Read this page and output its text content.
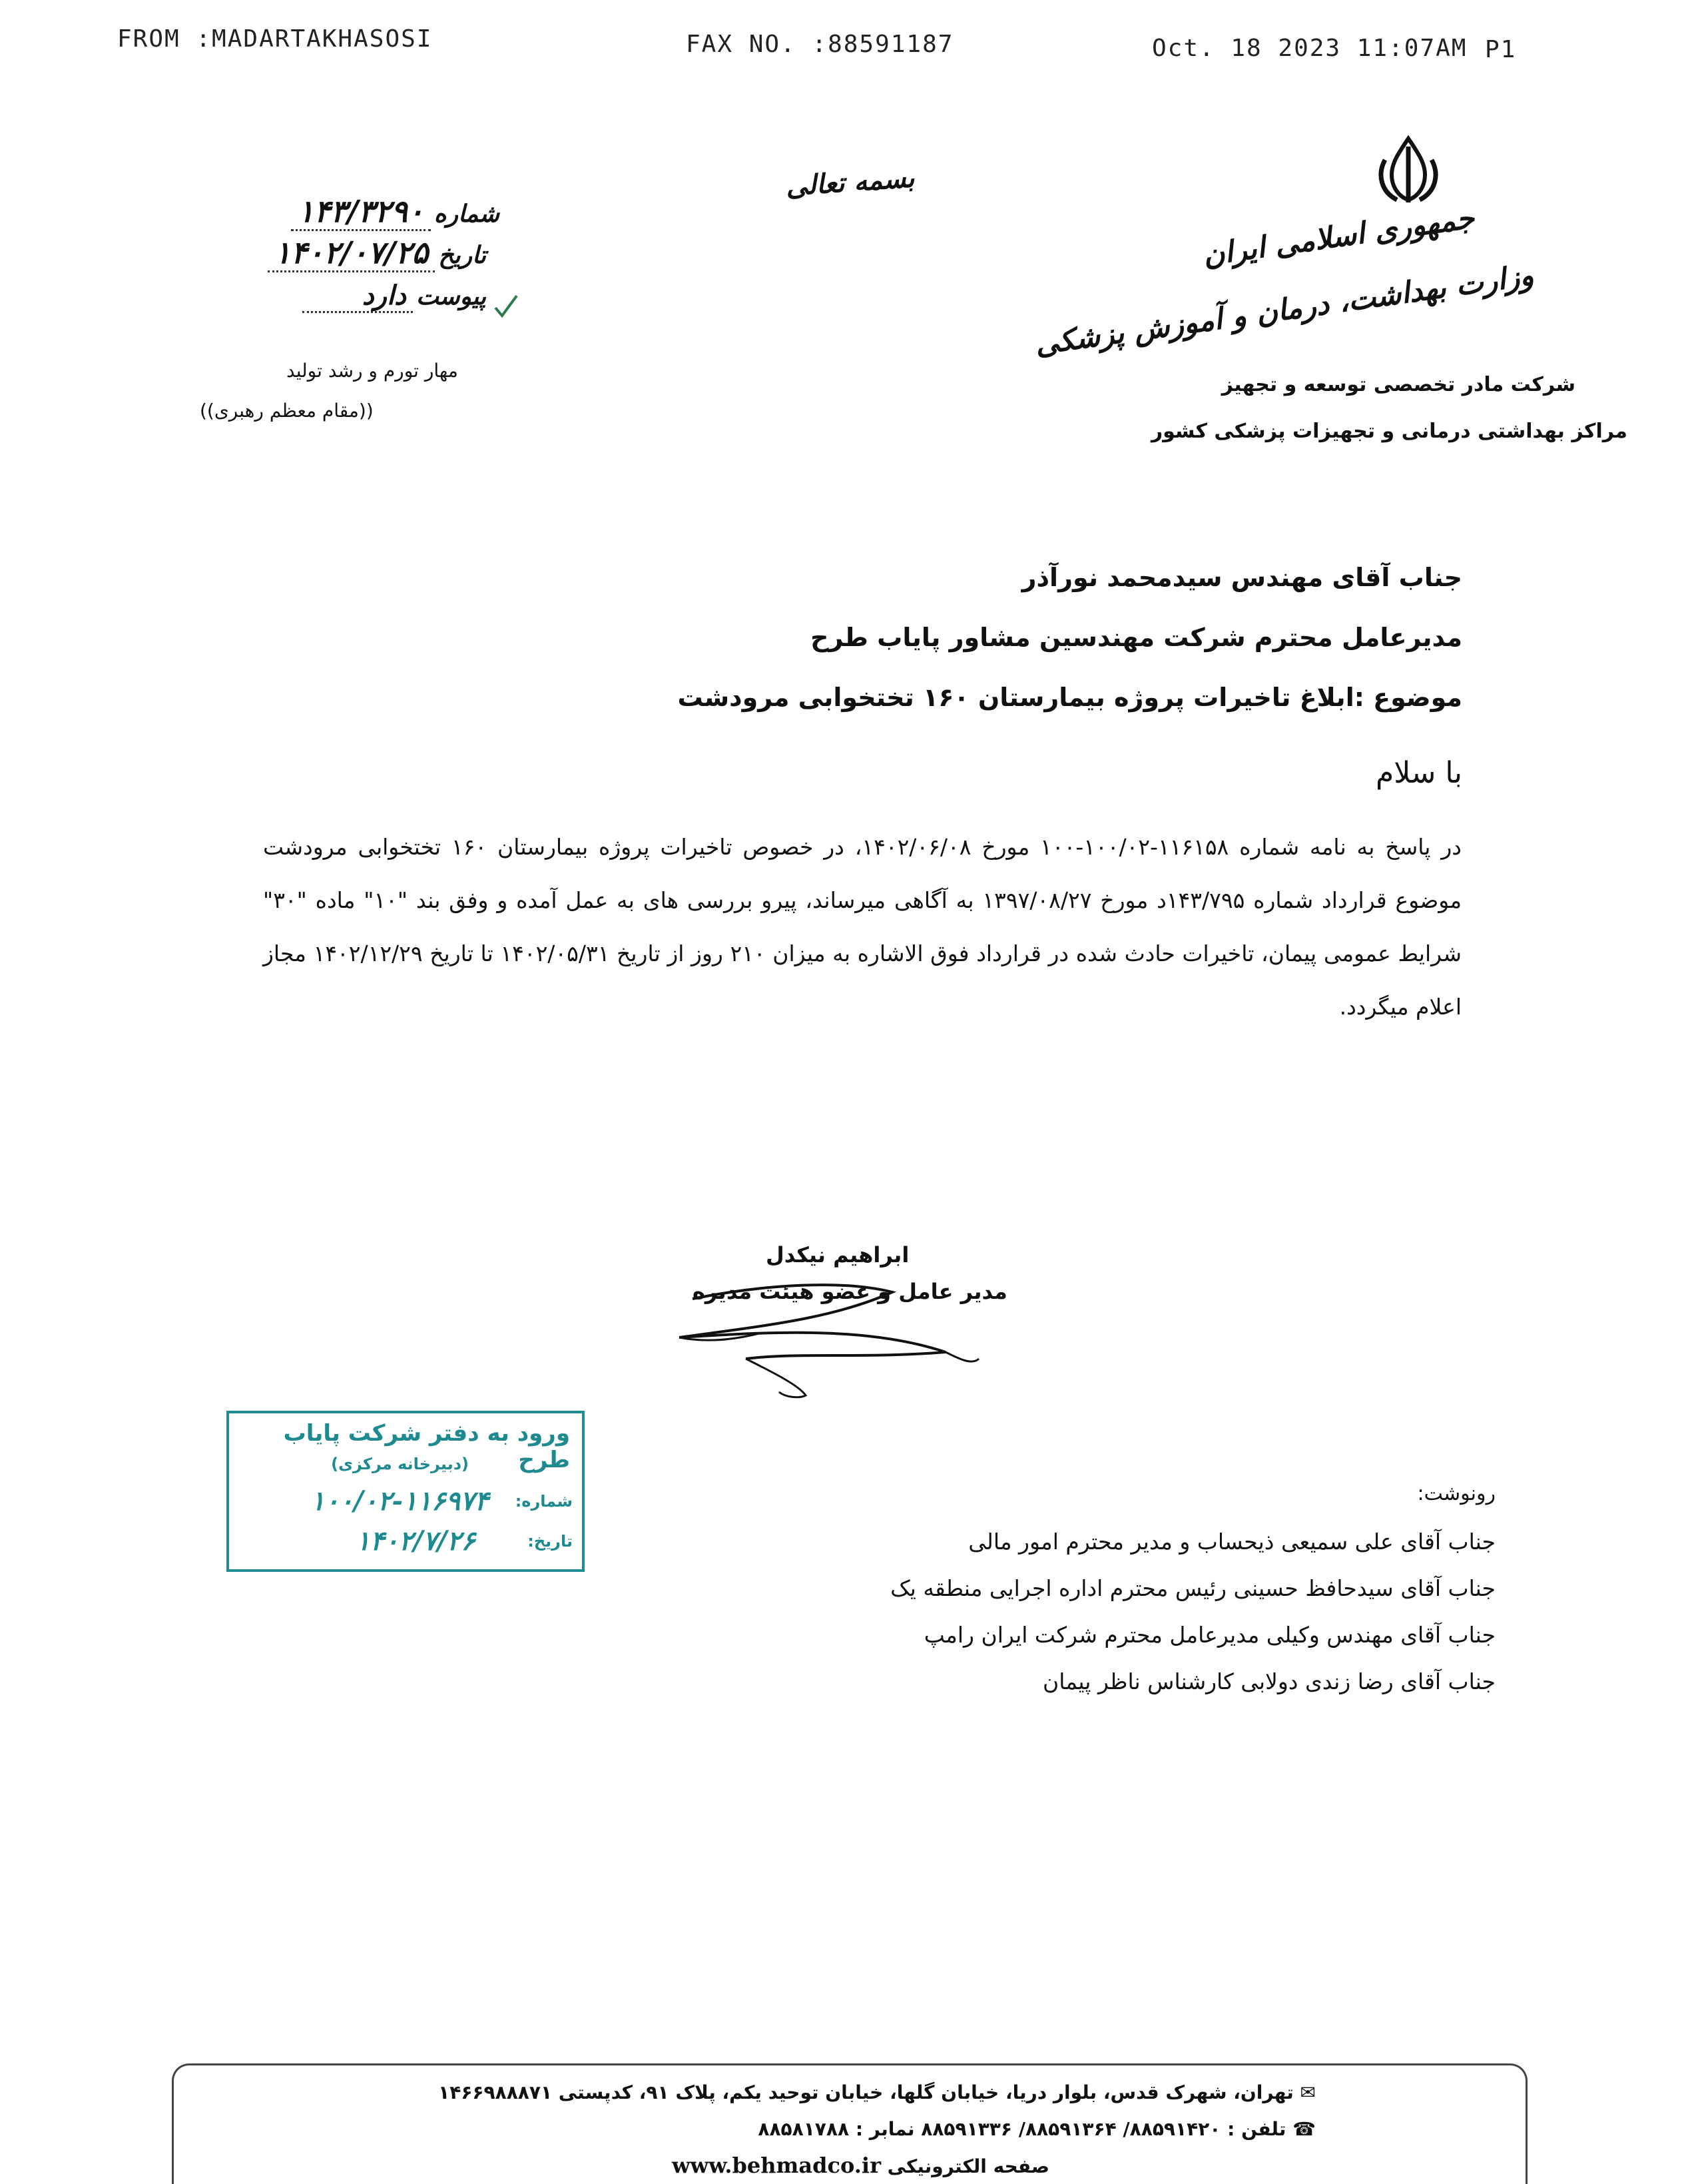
FROM :MADARTAKHASOSI	FAX NO. :88591187	Oct. 18 2023 11:07AM P1
بسمه تعالی
جمهوری اسلامی ایران
وزارت بهداشت، درمان و آموزش پزشکی
شرکت مادر تخصصی توسعه و تجهیز
مراکز بهداشتی درمانی و تجهیزات پزشکی کشور
شماره ۱۴۳/۳۲۹۰
تاریخ ۱۴۰۲/۰۷/۲۵
پیوست دارد
مهار تورم و رشد تولید
((مقام معظم رهبری))
جناب آقای مهندس سیدمحمد نورآذر
مدیرعامل محترم شرکت مهندسین مشاور پایاب طرح
موضوع :ابلاغ تاخیرات پروژه بیمارستان ۱۶۰ تختخوابی مرودشت
با سلام
در پاسخ به نامه شماره ۱۱۶۱۵۸-۱۰۰/۰۲-۱۰۰ مورخ ۱۴۰۲/۰۶/۰۸، در خصوص تاخیرات پروژه بیمارستان ۱۶۰ تختخوابی مرودشت موضوع قرارداد شماره ۱۴۳/۷۹۵د مورخ ۱۳۹۷/۰۸/۲۷ به آگاهی میرساند، پیرو بررسی های به عمل آمده و وفق بند "۱۰" ماده "۳۰" شرایط عمومی پیمان، تاخیرات حادث شده در قرارداد فوق الاشاره به میزان ۲۱۰ روز از تاریخ ۱۴۰۲/۰۵/۳۱ تا تاریخ ۱۴۰۲/۱۲/۲۹ مجاز اعلام میگردد.
ابراهیم نیکدل
مدیر عامل و عضو هیئت مدیره
ورود به دفتر شرکت پایاب طرح
(دبیرخانه مرکزی)
شماره:
۱۰۰/۰۲-۱۱۶۹۷۴
تاریخ:
۱۴۰۲/۷/۲۶
رونوشت:
جناب آقای علی سمیعی ذیحساب و مدیر محترم امور مالی
جناب آقای سیدحافظ حسینی رئیس محترم اداره اجرایی منطقه یک
جناب آقای مهندس وکیلی مدیرعامل محترم شرکت ایران رامپ
جناب آقای رضا زندی دولابی کارشناس ناظر پیمان
✉ تهران، شهرک قدس، بلوار دریا، خیابان گلها، خیابان توحید یکم، پلاک ۹۱، کدپستی ۱۴۶۶۹۸۸۸۷۱
☎ تلفن : ۸۸۵۹۱۴۲۰/ ۸۸۵۹۱۳۶۴/ ۸۸۵۹۱۳۳۶ نمابر : ۸۸۵۸۱۷۸۸
صفحه الکترونیکی www.behmadco.ir
